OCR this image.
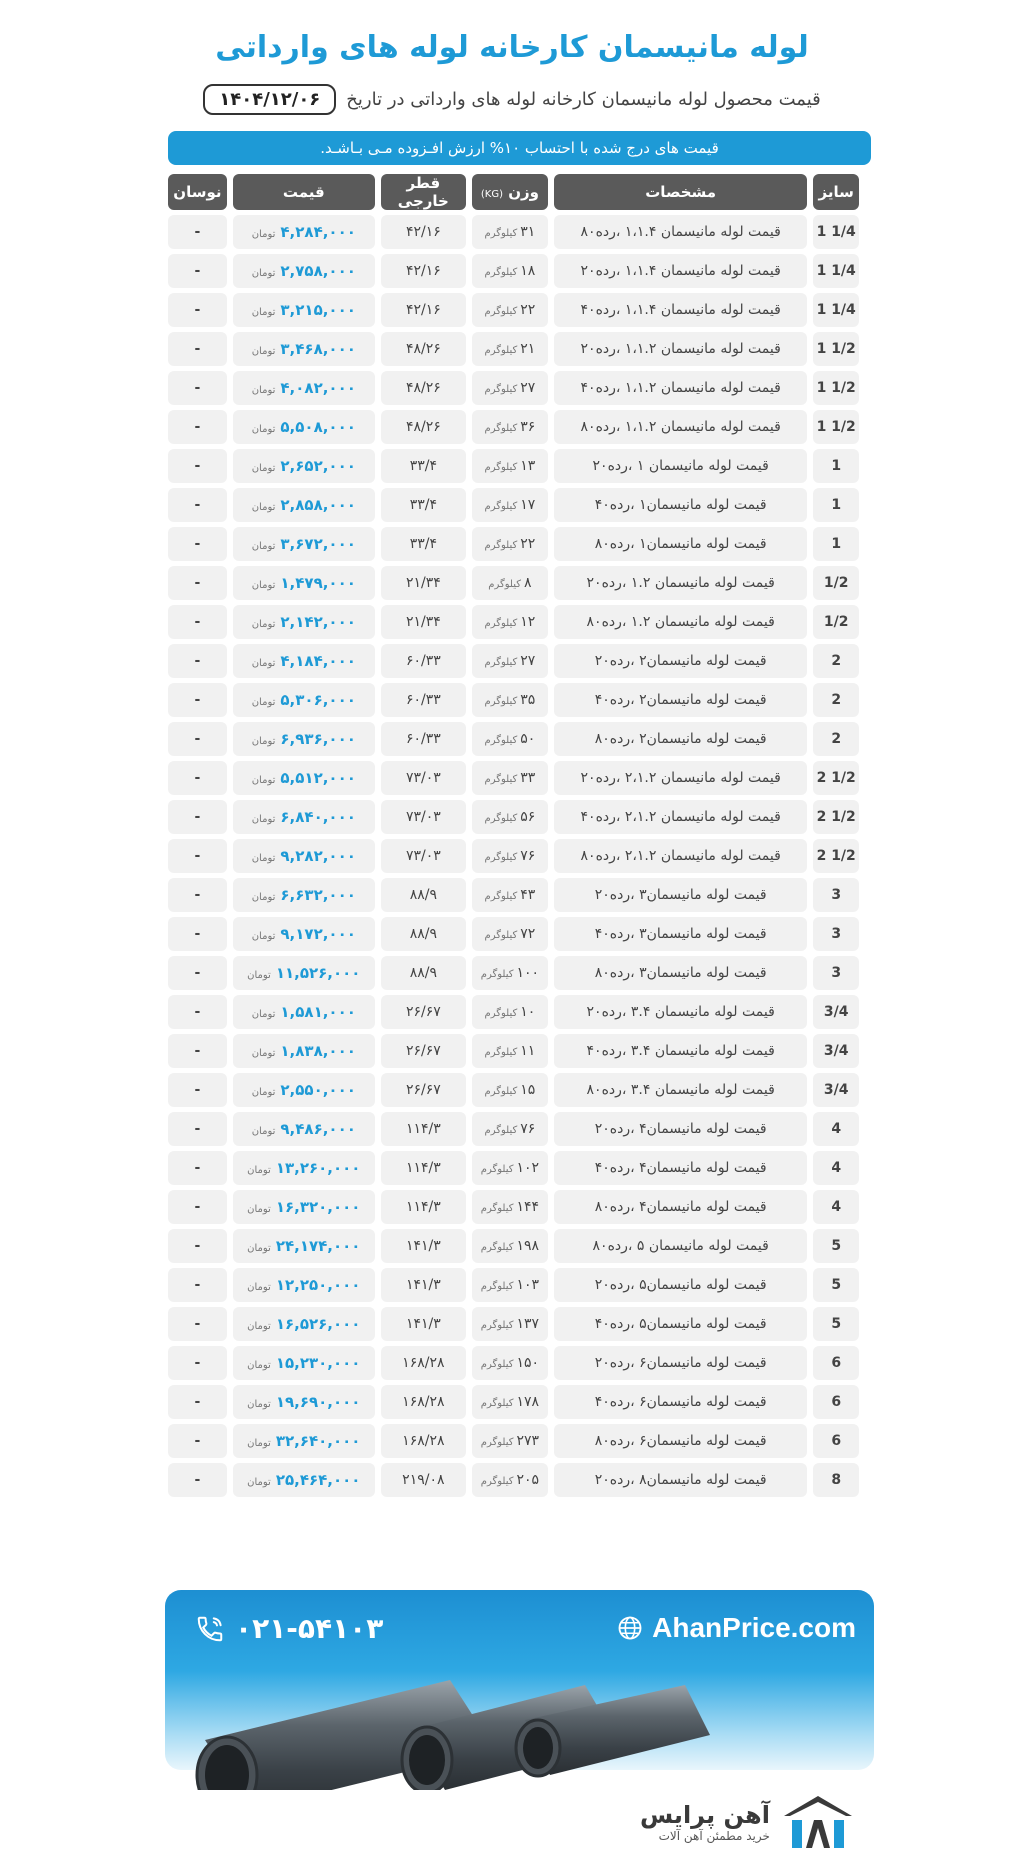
لوله مانیسمان کارخانه لوله های وارداتی
قیمت محصول لوله مانیسمان کارخانه لوله های وارداتی در تاریخ
۱۴۰۴/۱۲/۰۶
قیمت های درج شده با احتساب ۱۰% ارزش افـزوده مـی بـاشـد.
سایز	مشخصات	وزن (KG)	قطر خارجی	قیمت	نوسان
1 1/4	قیمت لوله مانیسمان ۱،۱.۴ ،رده۸۰	۳۱کیلوگرم	۴۲/۱۶	۴,۲۸۴,۰۰۰تومان	-
1 1/4	قیمت لوله مانیسمان ۱،۱.۴ ،رده۲۰	۱۸کیلوگرم	۴۲/۱۶	۲,۷۵۸,۰۰۰تومان	-
1 1/4	قیمت لوله مانیسمان ۱،۱.۴ ،رده۴۰	۲۲کیلوگرم	۴۲/۱۶	۳,۲۱۵,۰۰۰تومان	-
1 1/2	قیمت لوله مانیسمان ۱،۱.۲ ،رده۲۰	۲۱کیلوگرم	۴۸/۲۶	۳,۴۶۸,۰۰۰تومان	-
1 1/2	قیمت لوله مانیسمان ۱،۱.۲ ،رده۴۰	۲۷کیلوگرم	۴۸/۲۶	۴,۰۸۲,۰۰۰تومان	-
1 1/2	قیمت لوله مانیسمان ۱،۱.۲ ،رده۸۰	۳۶کیلوگرم	۴۸/۲۶	۵,۵۰۸,۰۰۰تومان	-
1	قیمت لوله مانیسمان ۱ ،رده۲۰	۱۳کیلوگرم	۳۳/۴	۲,۶۵۲,۰۰۰تومان	-
1	قیمت لوله مانیسمان۱ ،رده۴۰	۱۷کیلوگرم	۳۳/۴	۲,۸۵۸,۰۰۰تومان	-
1	قیمت لوله مانیسمان۱ ،رده۸۰	۲۲کیلوگرم	۳۳/۴	۳,۶۷۲,۰۰۰تومان	-
1/2	قیمت لوله مانیسمان ۱.۲ ،رده۲۰	۸کیلوگرم	۲۱/۳۴	۱,۴۷۹,۰۰۰تومان	-
1/2	قیمت لوله مانیسمان ۱.۲ ،رده۸۰	۱۲کیلوگرم	۲۱/۳۴	۲,۱۴۲,۰۰۰تومان	-
2	قیمت لوله مانیسمان۲ ،رده۲۰	۲۷کیلوگرم	۶۰/۳۳	۴,۱۸۴,۰۰۰تومان	-
2	قیمت لوله مانیسمان۲ ،رده۴۰	۳۵کیلوگرم	۶۰/۳۳	۵,۳۰۶,۰۰۰تومان	-
2	قیمت لوله مانیسمان۲ ،رده۸۰	۵۰کیلوگرم	۶۰/۳۳	۶,۹۳۶,۰۰۰تومان	-
2 1/2	قیمت لوله مانیسمان ۲،۱.۲ ،رده۲۰	۳۳کیلوگرم	۷۳/۰۳	۵,۵۱۲,۰۰۰تومان	-
2 1/2	قیمت لوله مانیسمان ۲،۱.۲ ،رده۴۰	۵۶کیلوگرم	۷۳/۰۳	۶,۸۴۰,۰۰۰تومان	-
2 1/2	قیمت لوله مانیسمان ۲،۱.۲ ،رده۸۰	۷۶کیلوگرم	۷۳/۰۳	۹,۲۸۲,۰۰۰تومان	-
3	قیمت لوله مانیسمان۳ ،رده۲۰	۴۳کیلوگرم	۸۸/۹	۶,۶۳۲,۰۰۰تومان	-
3	قیمت لوله مانیسمان۳ ،رده۴۰	۷۲کیلوگرم	۸۸/۹	۹,۱۷۲,۰۰۰تومان	-
3	قیمت لوله مانیسمان۳ ،رده۸۰	۱۰۰کیلوگرم	۸۸/۹	۱۱,۵۲۶,۰۰۰تومان	-
3/4	قیمت لوله مانیسمان ۳.۴ ،رده۲۰	۱۰کیلوگرم	۲۶/۶۷	۱,۵۸۱,۰۰۰تومان	-
3/4	قیمت لوله مانیسمان ۳.۴ ،رده۴۰	۱۱کیلوگرم	۲۶/۶۷	۱,۸۳۸,۰۰۰تومان	-
3/4	قیمت لوله مانیسمان ۳.۴ ،رده۸۰	۱۵کیلوگرم	۲۶/۶۷	۲,۵۵۰,۰۰۰تومان	-
4	قیمت لوله مانیسمان۴ ،رده۲۰	۷۶کیلوگرم	۱۱۴/۳	۹,۴۸۶,۰۰۰تومان	-
4	قیمت لوله مانیسمان۴ ،رده۴۰	۱۰۲کیلوگرم	۱۱۴/۳	۱۳,۲۶۰,۰۰۰تومان	-
4	قیمت لوله مانیسمان۴ ،رده۸۰	۱۴۴کیلوگرم	۱۱۴/۳	۱۶,۳۲۰,۰۰۰تومان	-
5	قیمت لوله مانیسمان ۵ ،رده۸۰	۱۹۸کیلوگرم	۱۴۱/۳	۲۴,۱۷۴,۰۰۰تومان	-
5	قیمت لوله مانیسمان۵ ،رده۲۰	۱۰۳کیلوگرم	۱۴۱/۳	۱۲,۲۵۰,۰۰۰تومان	-
5	قیمت لوله مانیسمان۵ ،رده۴۰	۱۳۷کیلوگرم	۱۴۱/۳	۱۶,۵۲۶,۰۰۰تومان	-
6	قیمت لوله مانیسمان۶ ،رده۲۰	۱۵۰کیلوگرم	۱۶۸/۲۸	۱۵,۲۳۰,۰۰۰تومان	-
6	قیمت لوله مانیسمان۶ ،رده۴۰	۱۷۸کیلوگرم	۱۶۸/۲۸	۱۹,۶۹۰,۰۰۰تومان	-
6	قیمت لوله مانیسمان۶ ،رده۸۰	۲۷۳کیلوگرم	۱۶۸/۲۸	۳۲,۶۴۰,۰۰۰تومان	-
8	قیمت لوله مانیسمان۸ ،رده۲۰	۲۰۵کیلوگرم	۲۱۹/۰۸	۲۵,۴۶۴,۰۰۰تومان	-
۰۲۱-۵۴۱۰۳	AhanPrice.com
آهن پرایس
خرید مطمئن آهن آلات
